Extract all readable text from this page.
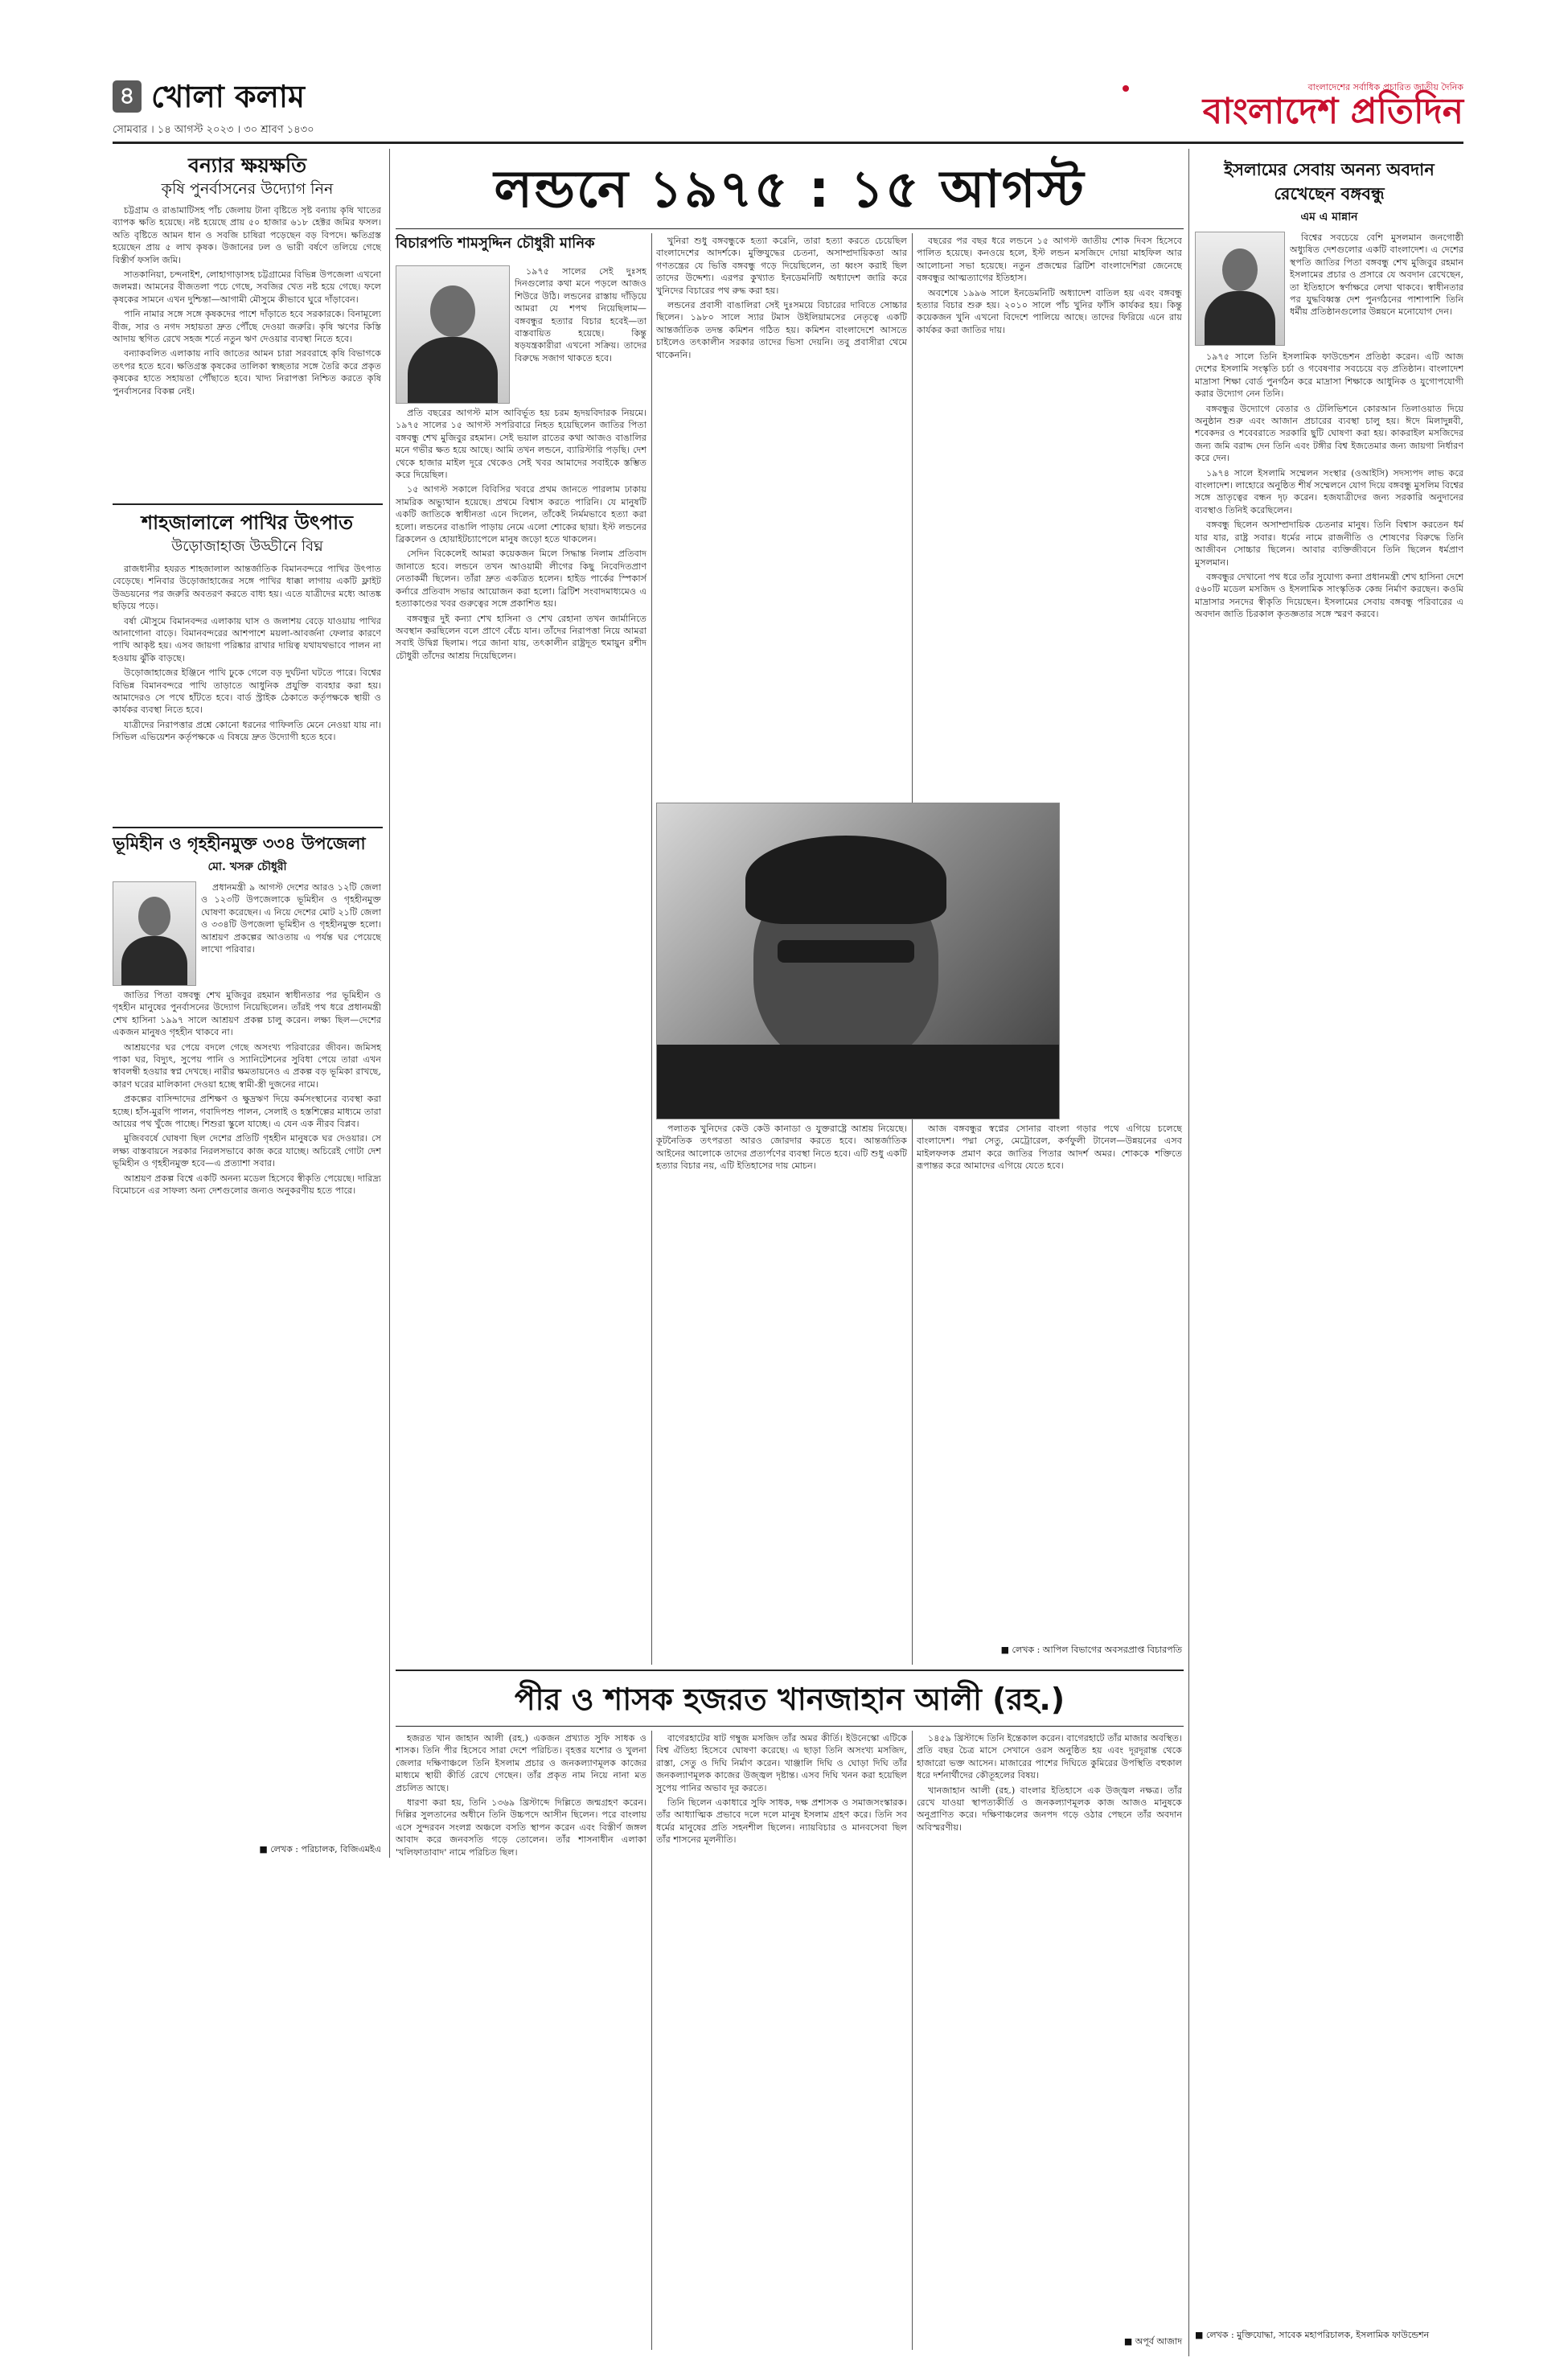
৪ খোলা কলাম
সোমবার । ১৪ আগস্ট ২০২৩ । ৩০ শ্রাবণ ১৪৩০
বাংলাদেশের সর্বাধিক প্রচারিত জাতীয় দৈনিক
বাংলাদেশ প্রতিদিন
বন্যার ক্ষয়ক্ষতি
কৃষি পুনর্বাসনের উদ্যোগ নিন

চট্টগ্রাম ও রাঙামাটিসহ পাঁচ জেলায় টানা বৃষ্টিতে সৃষ্ট বন্যায় কৃষি খাতের ব্যাপক ক্ষতি হয়েছে। নষ্ট হয়েছে প্রায় ৫০ হাজার ৬১৮ হেক্টর জমির ফসল। অতি বৃষ্টিতে আমন ধান ও সবজি চাষিরা পড়েছেন বড় বিপদে। ক্ষতিগ্রস্ত হয়েছেন প্রায় ৫ লাখ কৃষক। উজানের ঢল ও ভারী বর্ষণে তলিয়ে গেছে বিস্তীর্ণ ফসলি জমি।

সাতকানিয়া, চন্দনাইশ, লোহাগাড়াসহ চট্টগ্রামের বিভিন্ন উপজেলা এখনো জলমগ্ন। আমনের বীজতলা পচে গেছে, সবজির খেত নষ্ট হয়ে গেছে। ফলে কৃষকের সামনে এখন দুশ্চিন্তা—আগামী মৌসুমে কীভাবে ঘুরে দাঁড়াবেন।

পানি নামার সঙ্গে সঙ্গে কৃষকদের পাশে দাঁড়াতে হবে সরকারকে। বিনামূল্যে বীজ, সার ও নগদ সহায়তা দ্রুত পৌঁছে দেওয়া জরুরি। কৃষি ঋণের কিস্তি আদায় স্থগিত রেখে সহজ শর্তে নতুন ঋণ দেওয়ার ব্যবস্থা নিতে হবে।

বন্যাকবলিত এলাকায় নাবি জাতের আমন চারা সরবরাহে কৃষি বিভাগকে তৎপর হতে হবে। ক্ষতিগ্রস্ত কৃষকের তালিকা স্বচ্ছতার সঙ্গে তৈরি করে প্রকৃত কৃষকের হাতে সহায়তা পৌঁছাতে হবে। খাদ্য নিরাপত্তা নিশ্চিত করতে কৃষি পুনর্বাসনের বিকল্প নেই।

শাহজালালে পাখির উৎপাত
উড়োজাহাজ উড্ডীনে বিঘ্ন

রাজধানীর হযরত শাহজালাল আন্তর্জাতিক বিমানবন্দরে পাখির উৎপাত বেড়েছে। শনিবার উড়োজাহাজের সঙ্গে পাখির ধাক্কা লাগায় একটি ফ্লাইট উড্ডয়নের পর জরুরি অবতরণ করতে বাধ্য হয়। এতে যাত্রীদের মধ্যে আতঙ্ক ছড়িয়ে পড়ে।

বর্ষা মৌসুমে বিমানবন্দর এলাকায় ঘাস ও জলাশয় বেড়ে যাওয়ায় পাখির আনাগোনা বাড়ে। বিমানবন্দরের আশপাশে ময়লা-আবর্জনা ফেলার কারণে পাখি আকৃষ্ট হয়। এসব জায়গা পরিষ্কার রাখার দায়িত্ব যথাযথভাবে পালন না হওয়ায় ঝুঁকি বাড়ছে।

উড়োজাহাজের ইঞ্জিনে পাখি ঢুকে গেলে বড় দুর্ঘটনা ঘটতে পারে। বিশ্বের বিভিন্ন বিমানবন্দরে পাখি তাড়াতে আধুনিক প্রযুক্তি ব্যবহার করা হয়। আমাদেরও সে পথে হাঁটতে হবে। বার্ড স্ট্রাইক ঠেকাতে কর্তৃপক্ষকে স্থায়ী ও কার্যকর ব্যবস্থা নিতে হবে।

যাত্রীদের নিরাপত্তার প্রশ্নে কোনো ধরনের গাফিলতি মেনে নেওয়া যায় না। সিভিল এভিয়েশন কর্তৃপক্ষকে এ বিষয়ে দ্রুত উদ্যোগী হতে হবে।

ভূমিহীন ও গৃহহীনমুক্ত ৩৩৪ উপজেলা
মো. খসরু চৌধুরী

প্রধানমন্ত্রী ৯ আগস্ট দেশের আরও ১২টি জেলা ও ১২৩টি উপজেলাকে ভূমিহীন ও গৃহহীনমুক্ত ঘোষণা করেছেন। এ নিয়ে দেশের মোট ২১টি জেলা ও ৩৩৪টি উপজেলা ভূমিহীন ও গৃহহীনমুক্ত হলো। আশ্রয়ণ প্রকল্পের আওতায় এ পর্যন্ত ঘর পেয়েছে লাখো পরিবার।

জাতির পিতা বঙ্গবন্ধু শেখ মুজিবুর রহমান স্বাধীনতার পর ভূমিহীন ও গৃহহীন মানুষের পুনর্বাসনের উদ্যোগ নিয়েছিলেন। তাঁরই পথ ধরে প্রধানমন্ত্রী শেখ হাসিনা ১৯৯৭ সালে আশ্রয়ণ প্রকল্প চালু করেন। লক্ষ্য ছিল—দেশের একজন মানুষও গৃহহীন থাকবে না।

আশ্রয়ণের ঘর পেয়ে বদলে গেছে অসংখ্য পরিবারের জীবন। জমিসহ পাকা ঘর, বিদ্যুৎ, সুপেয় পানি ও স্যানিটেশনের সুবিধা পেয়ে তারা এখন স্বাবলম্বী হওয়ার স্বপ্ন দেখছে। নারীর ক্ষমতায়নেও এ প্রকল্প বড় ভূমিকা রাখছে, কারণ ঘরের মালিকানা দেওয়া হচ্ছে স্বামী-স্ত্রী দুজনের নামে।

প্রকল্পের বাসিন্দাদের প্রশিক্ষণ ও ক্ষুদ্রঋণ দিয়ে কর্মসংস্থানের ব্যবস্থা করা হচ্ছে। হাঁস-মুরগি পালন, গবাদিপশু পালন, সেলাই ও হস্তশিল্পের মাধ্যমে তারা আয়ের পথ খুঁজে পাচ্ছে। শিশুরা স্কুলে যাচ্ছে। এ যেন এক নীরব বিপ্লব।

মুজিববর্ষে ঘোষণা ছিল দেশের প্রতিটি গৃহহীন মানুষকে ঘর দেওয়ার। সে লক্ষ্য বাস্তবায়নে সরকার নিরলসভাবে কাজ করে যাচ্ছে। অচিরেই গোটা দেশ ভূমিহীন ও গৃহহীনমুক্ত হবে—এ প্রত্যাশা সবার।

আশ্রয়ণ প্রকল্প বিশ্বে একটি অনন্য মডেল হিসেবে স্বীকৃতি পেয়েছে। দারিদ্র্য বিমোচনে এর সাফল্য অন্য দেশগুলোর জন্যও অনুকরণীয় হতে পারে।

■ লেখক : পরিচালক, বিজিএমইএ
লন্ডনে ১৯৭৫ : ১৫ আগস্ট
বিচারপতি শামসুদ্দিন চৌধুরী মানিক

প্রতি বছরের আগস্ট মাস আবির্ভূত হয় চরম হৃদয়বিদারক নিয়মে। ১৯৭৫ সালের ১৫ আগস্ট সপরিবারে নিহত হয়েছিলেন জাতির পিতা বঙ্গবন্ধু শেখ মুজিবুর রহমান। সেই ভয়াল রাতের কথা আজও বাঙালির মনে গভীর ক্ষত হয়ে আছে। আমি তখন লন্ডনে, ব্যারিস্টারি পড়ছি। দেশ থেকে হাজার মাইল দূরে থেকেও সেই খবর আমাদের সবাইকে স্তম্ভিত করে দিয়েছিল।

১৫ আগস্ট সকালে বিবিসির খবরে প্রথম জানতে পারলাম ঢাকায় সামরিক অভ্যুত্থান হয়েছে। প্রথমে বিশ্বাস করতে পারিনি। যে মানুষটি একটি জাতিকে স্বাধীনতা এনে দিলেন, তাঁকেই নির্মমভাবে হত্যা করা হলো। লন্ডনের বাঙালি পাড়ায় নেমে এলো শোকের ছায়া। ইস্ট লন্ডনের ব্রিকলেন ও হোয়াইটচ্যাপেলে মানুষ জড়ো হতে থাকলেন।

সেদিন বিকেলেই আমরা কয়েকজন মিলে সিদ্ধান্ত নিলাম প্রতিবাদ জানাতে হবে। লন্ডনে তখন আওয়ামী লীগের কিছু নিবেদিতপ্রাণ নেতাকর্মী ছিলেন। তাঁরা দ্রুত একত্রিত হলেন। হাইড পার্কের স্পিকার্স কর্নারে প্রতিবাদ সভার আয়োজন করা হলো। ব্রিটিশ সংবাদমাধ্যমেও এ হত্যাকাণ্ডের খবর গুরুত্বের সঙ্গে প্রকাশিত হয়।

বঙ্গবন্ধুর দুই কন্যা শেখ হাসিনা ও শেখ রেহানা তখন জার্মানিতে অবস্থান করছিলেন বলে প্রাণে বেঁচে যান। তাঁদের নিরাপত্তা নিয়ে আমরা সবাই উদ্বিগ্ন ছিলাম। পরে জানা যায়, তৎকালীন রাষ্ট্রদূত হুমায়ুন রশীদ চৌধুরী তাঁদের আশ্রয় দিয়েছিলেন।

১৯৭৫ সালের সেই দুঃসহ দিনগুলোর কথা মনে পড়লে আজও শিউরে উঠি। লন্ডনের রাস্তায় দাঁড়িয়ে আমরা যে শপথ নিয়েছিলাম—বঙ্গবন্ধুর হত্যার বিচার হবেই—তা বাস্তবায়িত হয়েছে। কিন্তু ষড়যন্ত্রকারীরা এখনো সক্রিয়। তাদের বিরুদ্ধে সজাগ থাকতে হবে।

খুনিরা শুধু বঙ্গবন্ধুকে হত্যা করেনি, তারা হত্যা করতে চেয়েছিল বাংলাদেশের আদর্শকে। মুক্তিযুদ্ধের চেতনা, অসাম্প্রদায়িকতা আর গণতন্ত্রের যে ভিত্তি বঙ্গবন্ধু গড়ে দিয়েছিলেন, তা ধ্বংস করাই ছিল তাদের উদ্দেশ্য। এরপর কুখ্যাত ইনডেমনিটি অধ্যাদেশ জারি করে খুনিদের বিচারের পথ রুদ্ধ করা হয়।

লন্ডনের প্রবাসী বাঙালিরা সেই দুঃসময়ে বিচারের দাবিতে সোচ্চার ছিলেন। ১৯৮০ সালে স্যার টমাস উইলিয়ামসের নেতৃত্বে একটি আন্তর্জাতিক তদন্ত কমিশন গঠিত হয়। কমিশন বাংলাদেশে আসতে চাইলেও তৎকালীন সরকার তাদের ভিসা দেয়নি। তবু প্রবাসীরা থেমে থাকেননি।

বছরের পর বছর ধরে লন্ডনে ১৫ আগস্ট জাতীয় শোক দিবস হিসেবে পালিত হয়েছে। কনওয়ে হলে, ইস্ট লন্ডন মসজিদে দোয়া মাহফিল আর আলোচনা সভা হয়েছে। নতুন প্রজন্মের ব্রিটিশ বাংলাদেশিরা জেনেছে বঙ্গবন্ধুর আত্মত্যাগের ইতিহাস।

অবশেষে ১৯৯৬ সালে ইনডেমনিটি অধ্যাদেশ বাতিল হয় এবং বঙ্গবন্ধু হত্যার বিচার শুরু হয়। ২০১০ সালে পাঁচ খুনির ফাঁসি কার্যকর হয়। কিন্তু কয়েকজন খুনি এখনো বিদেশে পালিয়ে আছে। তাদের ফিরিয়ে এনে রায় কার্যকর করা জাতির দায়।

পলাতক খুনিদের কেউ কেউ কানাডা ও যুক্তরাষ্ট্রে আশ্রয় নিয়েছে। কূটনৈতিক তৎপরতা আরও জোরদার করতে হবে। আন্তর্জাতিক আইনের আলোকে তাদের প্রত্যর্পণের ব্যবস্থা নিতে হবে। এটি শুধু একটি হত্যার বিচার নয়, এটি ইতিহাসের দায় মোচন।

আজ বঙ্গবন্ধুর স্বপ্নের সোনার বাংলা গড়ার পথে এগিয়ে চলেছে বাংলাদেশ। পদ্মা সেতু, মেট্রোরেল, কর্ণফুলী টানেল—উন্নয়নের এসব মাইলফলক প্রমাণ করে জাতির পিতার আদর্শ অমর। শোককে শক্তিতে রূপান্তর করে আমাদের এগিয়ে যেতে হবে।

■ লেখক : আপিল বিভাগের অবসরপ্রাপ্ত বিচারপতি
পীর ও শাসক হজরত খানজাহান আলী (রহ.)

হজরত খান জাহান আলী (রহ.) একজন প্রখ্যাত সুফি সাধক ও শাসক। তিনি পীর হিসেবে সারা দেশে পরিচিত। বৃহত্তর যশোর ও খুলনা জেলার দক্ষিণাঞ্চলে তিনি ইসলাম প্রচার ও জনকল্যাণমূলক কাজের মাধ্যমে স্থায়ী কীর্তি রেখে গেছেন। তাঁর প্রকৃত নাম নিয়ে নানা মত প্রচলিত আছে।

ধারণা করা হয়, তিনি ১৩৬৯ খ্রিস্টাব্দে দিল্লিতে জন্মগ্রহণ করেন। দিল্লির সুলতানের অধীনে তিনি উচ্চপদে আসীন ছিলেন। পরে বাংলায় এসে সুন্দরবন সংলগ্ন অঞ্চলে বসতি স্থাপন করেন এবং বিস্তীর্ণ জঙ্গল আবাদ করে জনবসতি গড়ে তোলেন। তাঁর শাসনাধীন এলাকা 'খলিফাতাবাদ' নামে পরিচিত ছিল।

বাগেরহাটের ষাট গম্বুজ মসজিদ তাঁর অমর কীর্তি। ইউনেস্কো এটিকে বিশ্ব ঐতিহ্য হিসেবে ঘোষণা করেছে। এ ছাড়া তিনি অসংখ্য মসজিদ, রাস্তা, সেতু ও দিঘি নির্মাণ করেন। খাঞ্জালি দিঘি ও ঘোড়া দিঘি তাঁর জনকল্যাণমূলক কাজের উজ্জ্বল দৃষ্টান্ত। এসব দিঘি খনন করা হয়েছিল সুপেয় পানির অভাব দূর করতে।

তিনি ছিলেন একাধারে সুফি সাধক, দক্ষ প্রশাসক ও সমাজসংস্কারক। তাঁর আধ্যাত্মিক প্রভাবে দলে দলে মানুষ ইসলাম গ্রহণ করে। তিনি সব ধর্মের মানুষের প্রতি সহনশীল ছিলেন। ন্যায়বিচার ও মানবসেবা ছিল তাঁর শাসনের মূলনীতি।

১৪৫৯ খ্রিস্টাব্দে তিনি ইন্তেকাল করেন। বাগেরহাটে তাঁর মাজার অবস্থিত। প্রতি বছর চৈত্র মাসে সেখানে ওরস অনুষ্ঠিত হয় এবং দূরদূরান্ত থেকে হাজারো ভক্ত আসেন। মাজারের পাশের দিঘিতে কুমিরের উপস্থিতি বহুকাল ধরে দর্শনার্থীদের কৌতূহলের বিষয়।

খানজাহান আলী (রহ.) বাংলার ইতিহাসে এক উজ্জ্বল নক্ষত্র। তাঁর রেখে যাওয়া স্থাপত্যকীর্তি ও জনকল্যাণমূলক কাজ আজও মানুষকে অনুপ্রাণিত করে। দক্ষিণাঞ্চলের জনপদ গড়ে ওঠার পেছনে তাঁর অবদান অবিস্মরণীয়।

■ অপূর্ব আজাদ
ইসলামের সেবায় অনন্য অবদান রেখেছেন বঙ্গবন্ধু
এম এ মান্নান

বিশ্বের সবচেয়ে বেশি মুসলমান জনগোষ্ঠী অধ্যুষিত দেশগুলোর একটি বাংলাদেশ। এ দেশের স্থপতি জাতির পিতা বঙ্গবন্ধু শেখ মুজিবুর রহমান ইসলামের প্রচার ও প্রসারে যে অবদান রেখেছেন, তা ইতিহাসে স্বর্ণাক্ষরে লেখা থাকবে। স্বাধীনতার পর যুদ্ধবিধ্বস্ত দেশ পুনর্গঠনের পাশাপাশি তিনি ধর্মীয় প্রতিষ্ঠানগুলোর উন্নয়নে মনোযোগ দেন।

১৯৭৫ সালে তিনি ইসলামিক ফাউন্ডেশন প্রতিষ্ঠা করেন। এটি আজ দেশের ইসলামি সংস্কৃতি চর্চা ও গবেষণার সবচেয়ে বড় প্রতিষ্ঠান। বাংলাদেশ মাদ্রাসা শিক্ষা বোর্ড পুনর্গঠন করে মাদ্রাসা শিক্ষাকে আধুনিক ও যুগোপযোগী করার উদ্যোগ নেন তিনি।

বঙ্গবন্ধুর উদ্যোগে বেতার ও টেলিভিশনে কোরআন তিলাওয়াত দিয়ে অনুষ্ঠান শুরু এবং আজান প্রচারের ব্যবস্থা চালু হয়। ঈদে মিলাদুন্নবী, শবেকদর ও শবেবরাতে সরকারি ছুটি ঘোষণা করা হয়। কাকরাইল মসজিদের জন্য জমি বরাদ্দ দেন তিনি এবং টঙ্গীর বিশ্ব ইজতেমার জন্য জায়গা নির্ধারণ করে দেন।

১৯৭৪ সালে ইসলামি সম্মেলন সংস্থার (ওআইসি) সদস্যপদ লাভ করে বাংলাদেশ। লাহোরে অনুষ্ঠিত শীর্ষ সম্মেলনে যোগ দিয়ে বঙ্গবন্ধু মুসলিম বিশ্বের সঙ্গে ভ্রাতৃত্বের বন্ধন দৃঢ় করেন। হজযাত্রীদের জন্য সরকারি অনুদানের ব্যবস্থাও তিনিই করেছিলেন।

বঙ্গবন্ধু ছিলেন অসাম্প্রদায়িক চেতনার মানুষ। তিনি বিশ্বাস করতেন ধর্ম যার যার, রাষ্ট্র সবার। ধর্মের নামে রাজনীতি ও শোষণের বিরুদ্ধে তিনি আজীবন সোচ্চার ছিলেন। আবার ব্যক্তিজীবনে তিনি ছিলেন ধর্মপ্রাণ মুসলমান।

বঙ্গবন্ধুর দেখানো পথ ধরে তাঁর সুযোগ্য কন্যা প্রধানমন্ত্রী শেখ হাসিনা দেশে ৫৬০টি মডেল মসজিদ ও ইসলামিক সাংস্কৃতিক কেন্দ্র নির্মাণ করছেন। কওমি মাদ্রাসার সনদের স্বীকৃতি দিয়েছেন। ইসলামের সেবায় বঙ্গবন্ধু পরিবারের এ অবদান জাতি চিরকাল কৃতজ্ঞতার সঙ্গে স্মরণ করবে।

■ লেখক : মুক্তিযোদ্ধা, সাবেক মহাপরিচালক, ইসলামিক ফাউন্ডেশন
